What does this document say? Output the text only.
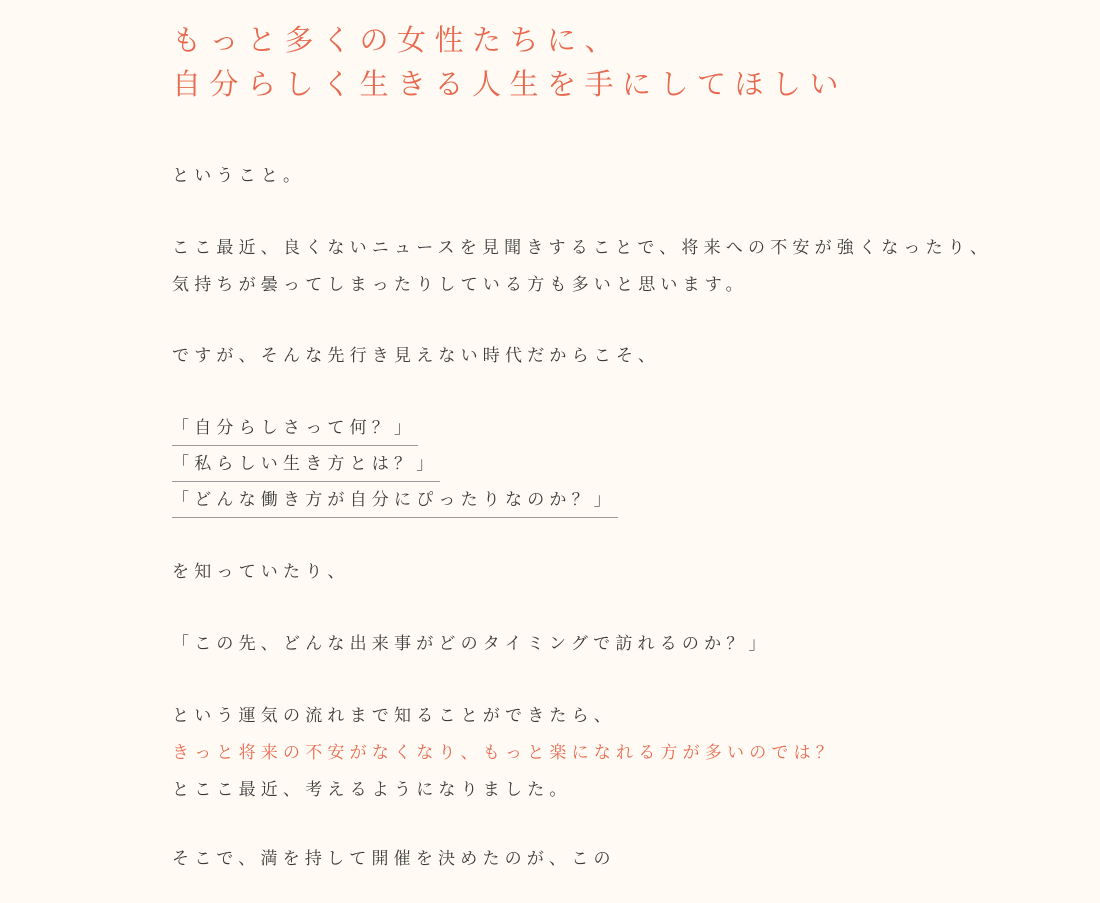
もっと多くの女性たちに、
自分らしく生きる人生を手にしてほしい

ということ。

ここ最近、良くないニュースを見聞きすることで、将来への不安が強くなったり、
気持ちが曇ってしまったりしている方も多いと思います。

ですが、そんな先行き見えない時代だからこそ、

「自分らしさって何？」
「私らしい生き方とは？」
「どんな働き方が自分にぴったりなのか？」

を知っていたり、

「この先、どんな出来事がどのタイミングで訪れるのか？」

という運気の流れまで知ることができたら、
きっと将来の不安がなくなり、もっと楽になれる方が多いのでは？
とここ最近、考えるようになりました。

そこで、満を持して開催を決めたのが、この
